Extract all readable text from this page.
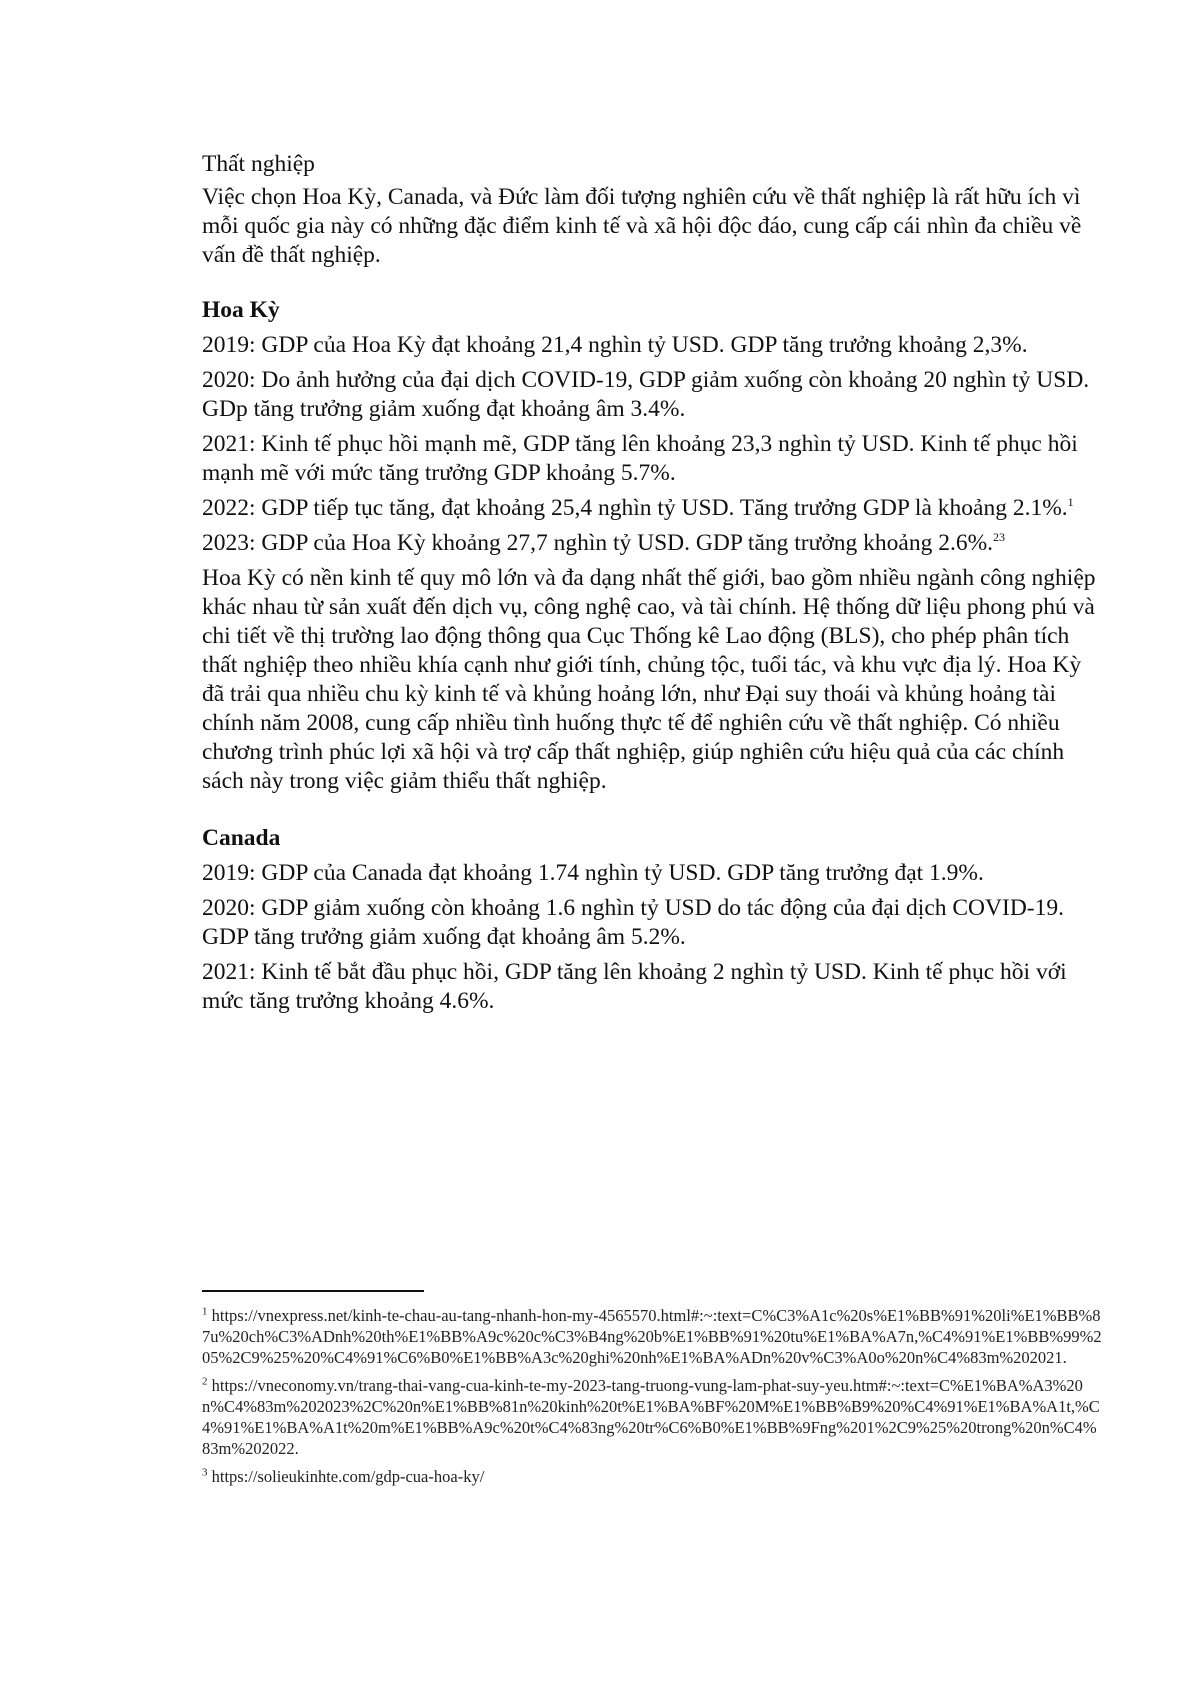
Thất nghiệp

Việc chọn Hoa Kỳ, Canada, và Đức làm đối tượng nghiên cứu về thất nghiệp là rất hữu ích vì mỗi quốc gia này có những đặc điểm kinh tế và xã hội độc đáo, cung cấp cái nhìn đa chiều về vấn đề thất nghiệp.

Hoa Kỳ

2019: GDP của Hoa Kỳ đạt khoảng 21,4 nghìn tỷ USD. GDP tăng trưởng khoảng 2,3%.

2020: Do ảnh hưởng của đại dịch COVID-19, GDP giảm xuống còn khoảng 20 nghìn tỷ USD. GDp tăng trưởng giảm xuống đạt khoảng âm 3.4%.

2021: Kinh tế phục hồi mạnh mẽ, GDP tăng lên khoảng 23,3 nghìn tỷ USD. Kinh tế phục hồi mạnh mẽ với mức tăng trưởng GDP khoảng 5.7%.

2022: GDP tiếp tục tăng, đạt khoảng 25,4 nghìn tỷ USD. Tăng trưởng GDP là khoảng 2.1%.$^1$

2023: GDP của Hoa Kỳ khoảng 27,7 nghìn tỷ USD. GDP tăng trưởng khoảng 2.6%.$^{23}$

Hoa Kỳ có nền kinh tế quy mô lớn và đa dạng nhất thế giới, bao gồm nhiều ngành công nghiệp khác nhau từ sản xuất đến dịch vụ, công nghệ cao, và tài chính. Hệ thống dữ liệu phong phú và chi tiết về thị trường lao động thông qua Cục Thống kê Lao động (BLS), cho phép phân tích thất nghiệp theo nhiều khía cạnh như giới tính, chủng tộc, tuổi tác, và khu vực địa lý. Hoa Kỳ đã trải qua nhiều chu kỳ kinh tế và khủng hoảng lớn, như Đại suy thoái và khủng hoảng tài chính năm 2008, cung cấp nhiều tình huống thực tế để nghiên cứu về thất nghiệp. Có nhiều chương trình phúc lợi xã hội và trợ cấp thất nghiệp, giúp nghiên cứu hiệu quả của các chính sách này trong việc giảm thiểu thất nghiệp.

Canada

2019: GDP của Canada đạt khoảng 1.74 nghìn tỷ USD. GDP tăng trưởng đạt 1.9%.

2020: GDP giảm xuống còn khoảng 1.6 nghìn tỷ USD do tác động của đại dịch COVID-19. GDP tăng trưởng giảm xuống đạt khoảng âm 5.2%.

2021: Kinh tế bắt đầu phục hồi, GDP tăng lên khoảng 2 nghìn tỷ USD. Kinh tế phục hồi với mức tăng trưởng khoảng 4.6%.

$^1$ https://vnexpress.net/kinh-te-chau-au-tang-nhanh-hon-my-4565570.html#:~:text=C%C3%A1c%20s%E1%BB%91%20li%E1%BB%87u%20ch%C3%ADnh%20th%E1%BB%A9c%20c%C3%B4ng%20b%E1%BB%91%20tu%E1%BA%A7n,%C4%91%E1%BB%99%205%2C9%25%20%C4%91%C6%B0%E1%BB%A3c%20ghi%20nh%E1%BA%ADn%20v%C3%A0o%20n%C4%83m%202021.

$^2$ https://vneconomy.vn/trang-thai-vang-cua-kinh-te-my-2023-tang-truong-vung-lam-phat-suy-yeu.htm#:~:text=C%E1%BA%A3%20n%C4%83m%202023%2C%20n%E1%BB%81n%20kinh%20t%E1%BA%BF%20M%E1%BB%B9%20%C4%91%E1%BA%A1t,%C4%91%E1%BA%A1t%20m%E1%BB%A9c%20t%C4%83ng%20tr%C6%B0%E1%BB%9Fng%201%2C9%25%20trong%20n%C4%83m%202022.

$^3$ https://solieukinhte.com/gdp-cua-hoa-ky/
